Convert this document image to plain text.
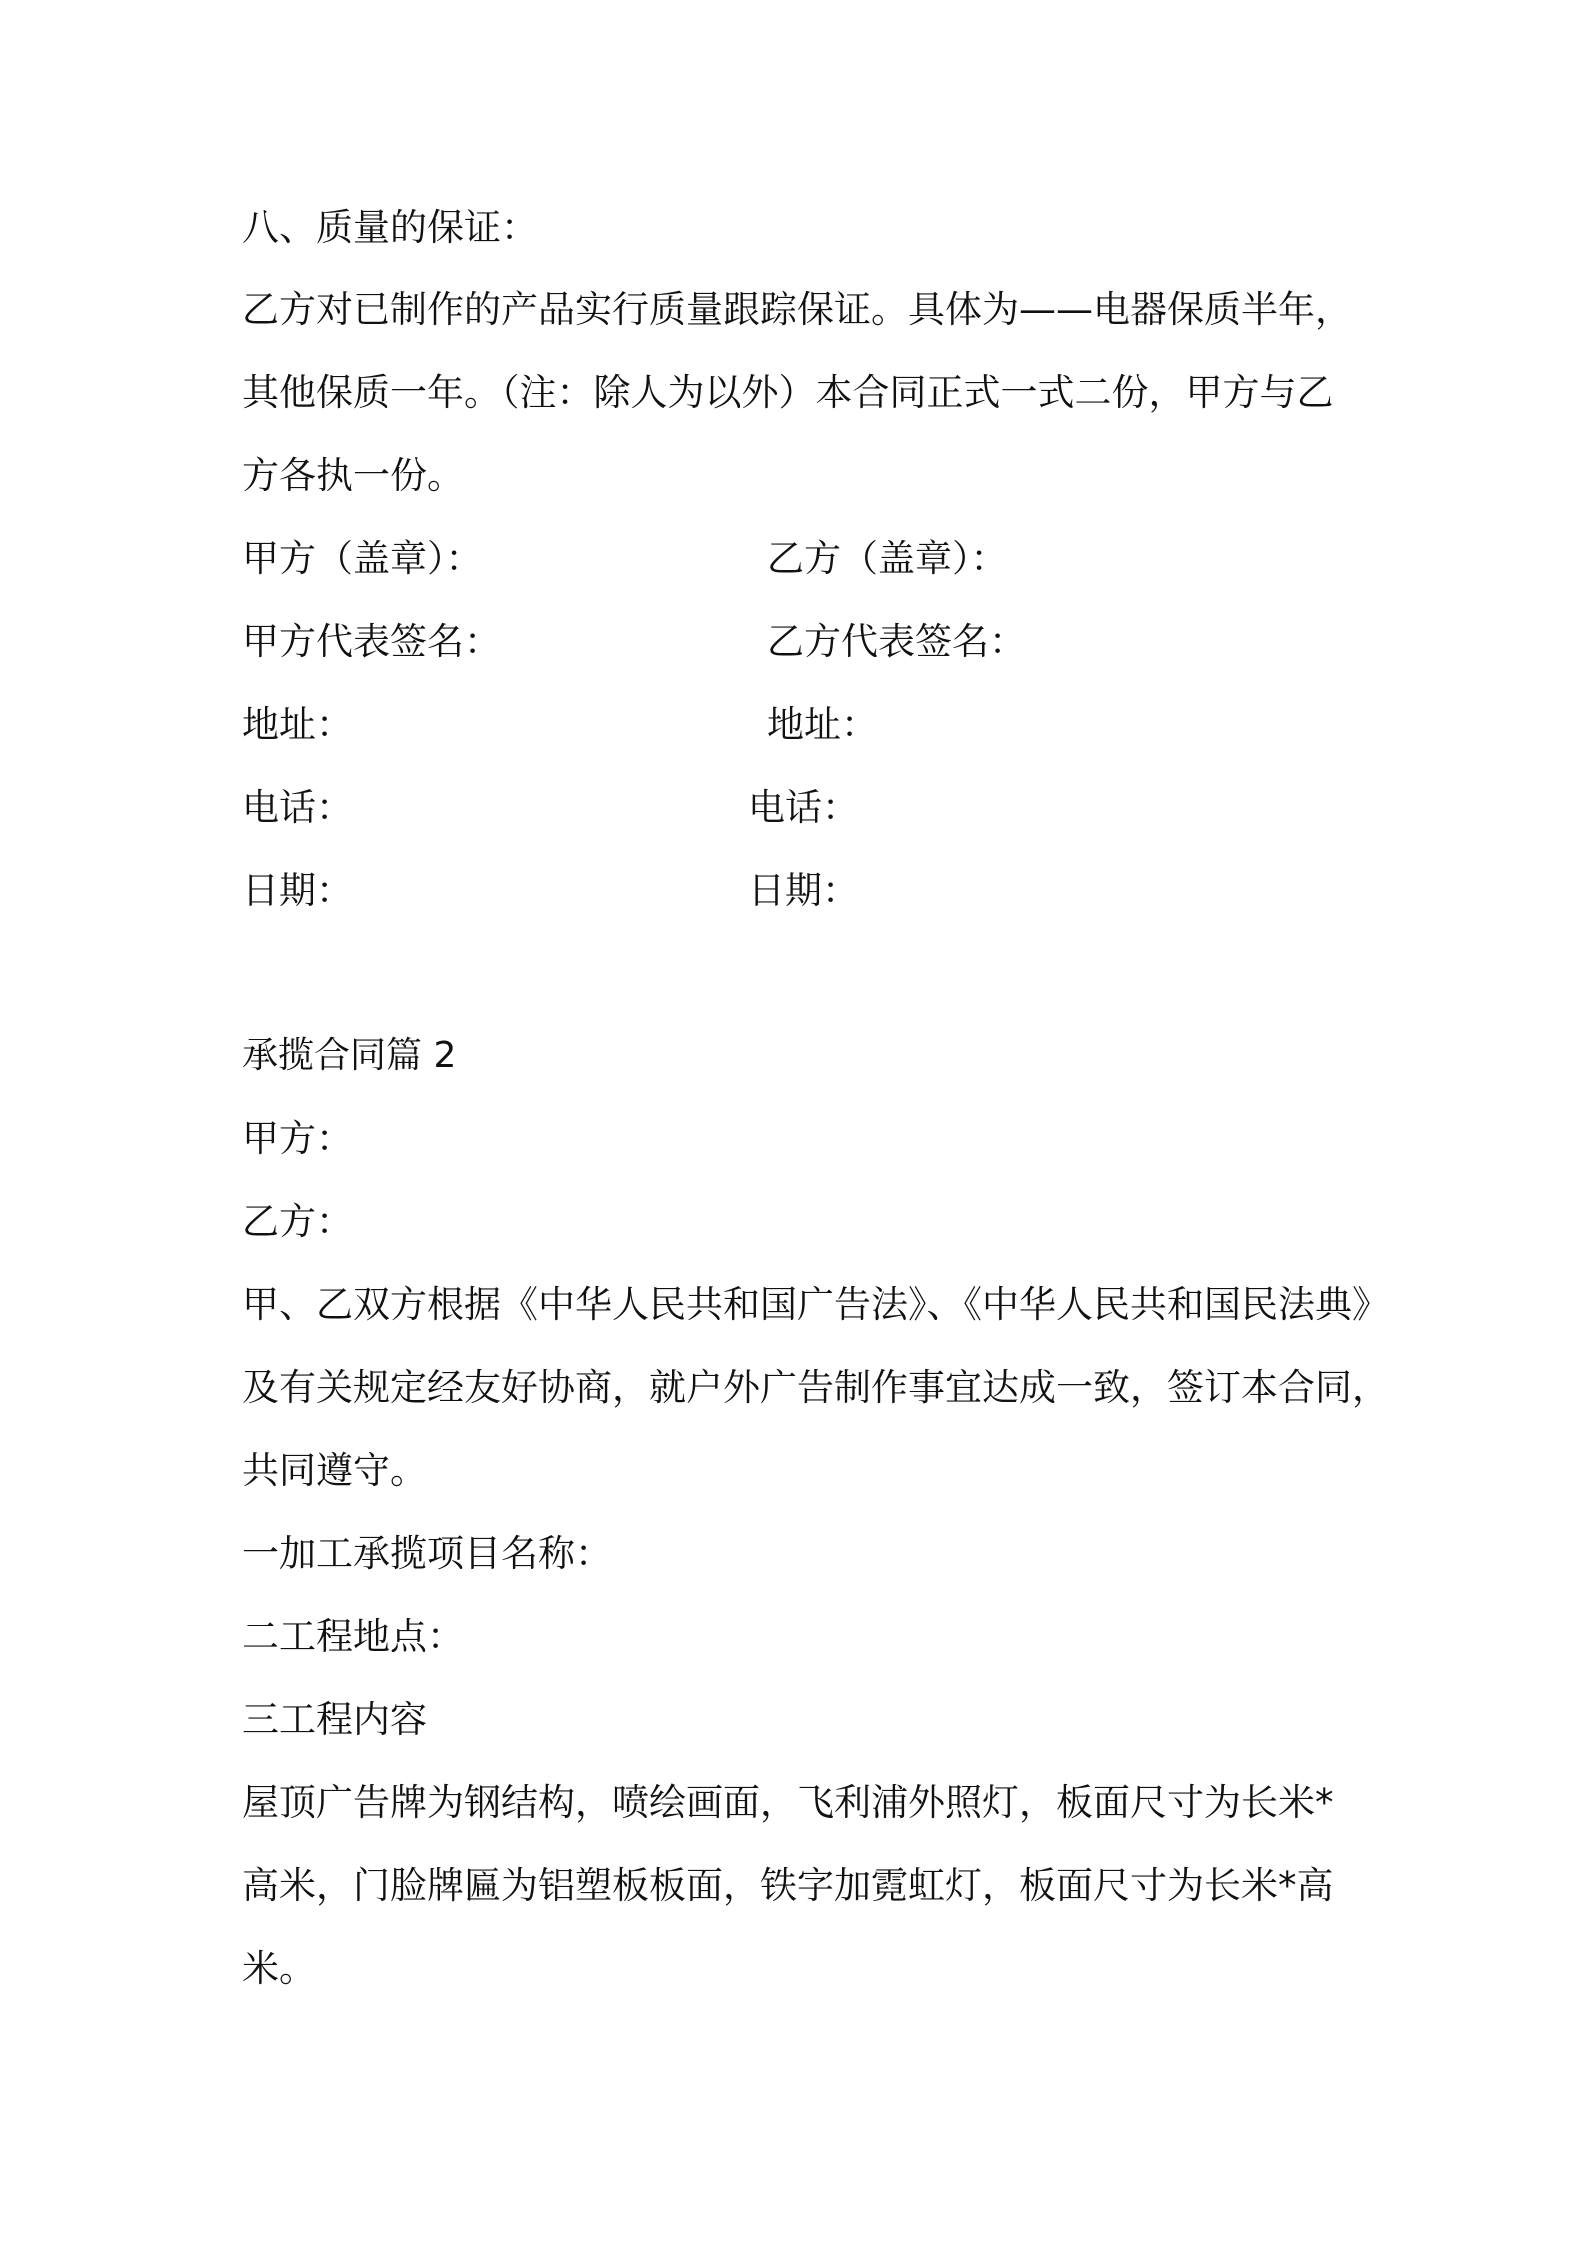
八、质量的保证：
乙方对已制作的产品实行质量跟踪保证。具体为——电器保质半年，
其他保质一年。（注：除人为以外）本合同正式一式二份，甲方与乙
方各执一份。
甲方（盖章）：	乙方（盖章）：
甲方代表签名：	乙方代表签名：
地址：	地址：
电话：	电话：
日期：	日期：
承揽合同篇 2
甲方：
乙方：
甲、乙双方根据《中华人民共和国广告法》、《中华人民共和国民法典》
及有关规定经友好协商，就户外广告制作事宜达成一致，签订本合同，
共同遵守。
一加工承揽项目名称：
二工程地点：
三工程内容
屋顶广告牌为钢结构，喷绘画面，飞利浦外照灯，板面尺寸为长米*
高米，门脸牌匾为铝塑板板面，铁字加霓虹灯，板面尺寸为长米*高
米。
